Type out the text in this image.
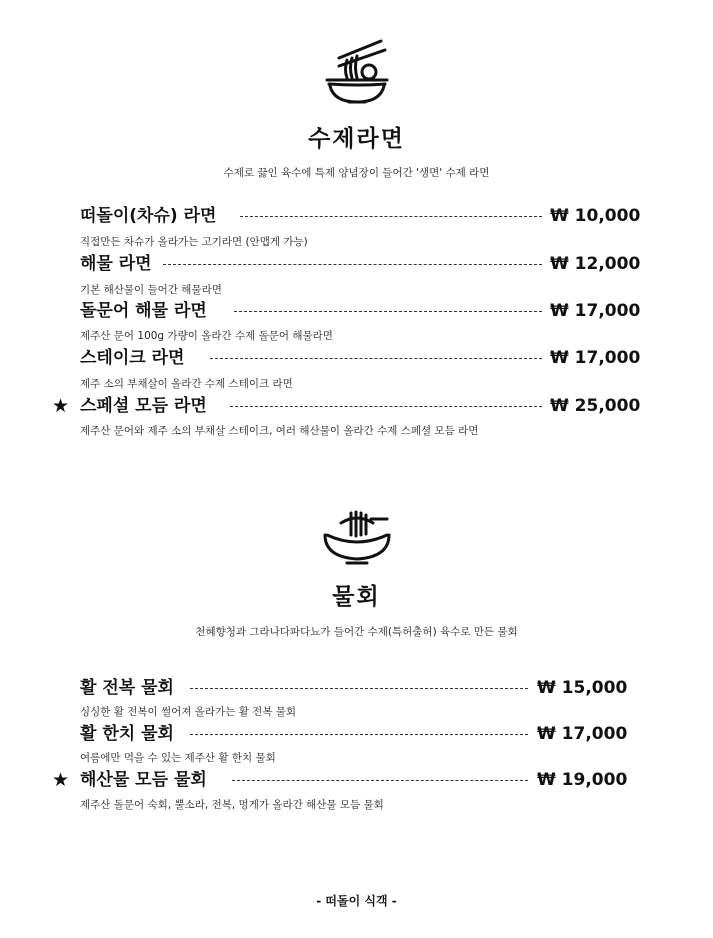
수제라면
수제로 끓인 육수에 특제 양념장이 들어간 '생면' 수제 라면
떠돌이(차슈) 라면	₩ 10,000
직접만든 차슈가 올라가는 고기라면 (안맵게 가능)
해물 라면	₩ 12,000
기본 해산물이 들어간 해물라면
돌문어 해물 라면	₩ 17,000
제주산 문어 100g 가량이 올라간 수제 돌문어 해물라면
스테이크 라면	₩ 17,000
제주 소의 부채살이 올라간 수제 스테이크 라면
★ 스페셜 모듬 라면	₩ 25,000
제주산 문어와 제주 소의 부채살 스테이크, 여러 해산물이 올라간 수제 스페셜 모듬 라면
물회
천혜향청과 그라나다파다뇨가 들어간 수제(특허출허) 육수로 만든 물회
활 전복 물회	₩ 15,000
싱싱한 활 전복이 썰어져 올라가는 활 전복 물회
활 한치 물회	₩ 17,000
여름에만 먹을 수 있는 제주산 활 한치 물회
★ 해산물 모듬 물회	₩ 19,000
제주산 돌문어 숙회, 뿔소라, 전복, 멍게가 올라간 해산물 모듬 물회
- 떠돌이 식객 -
